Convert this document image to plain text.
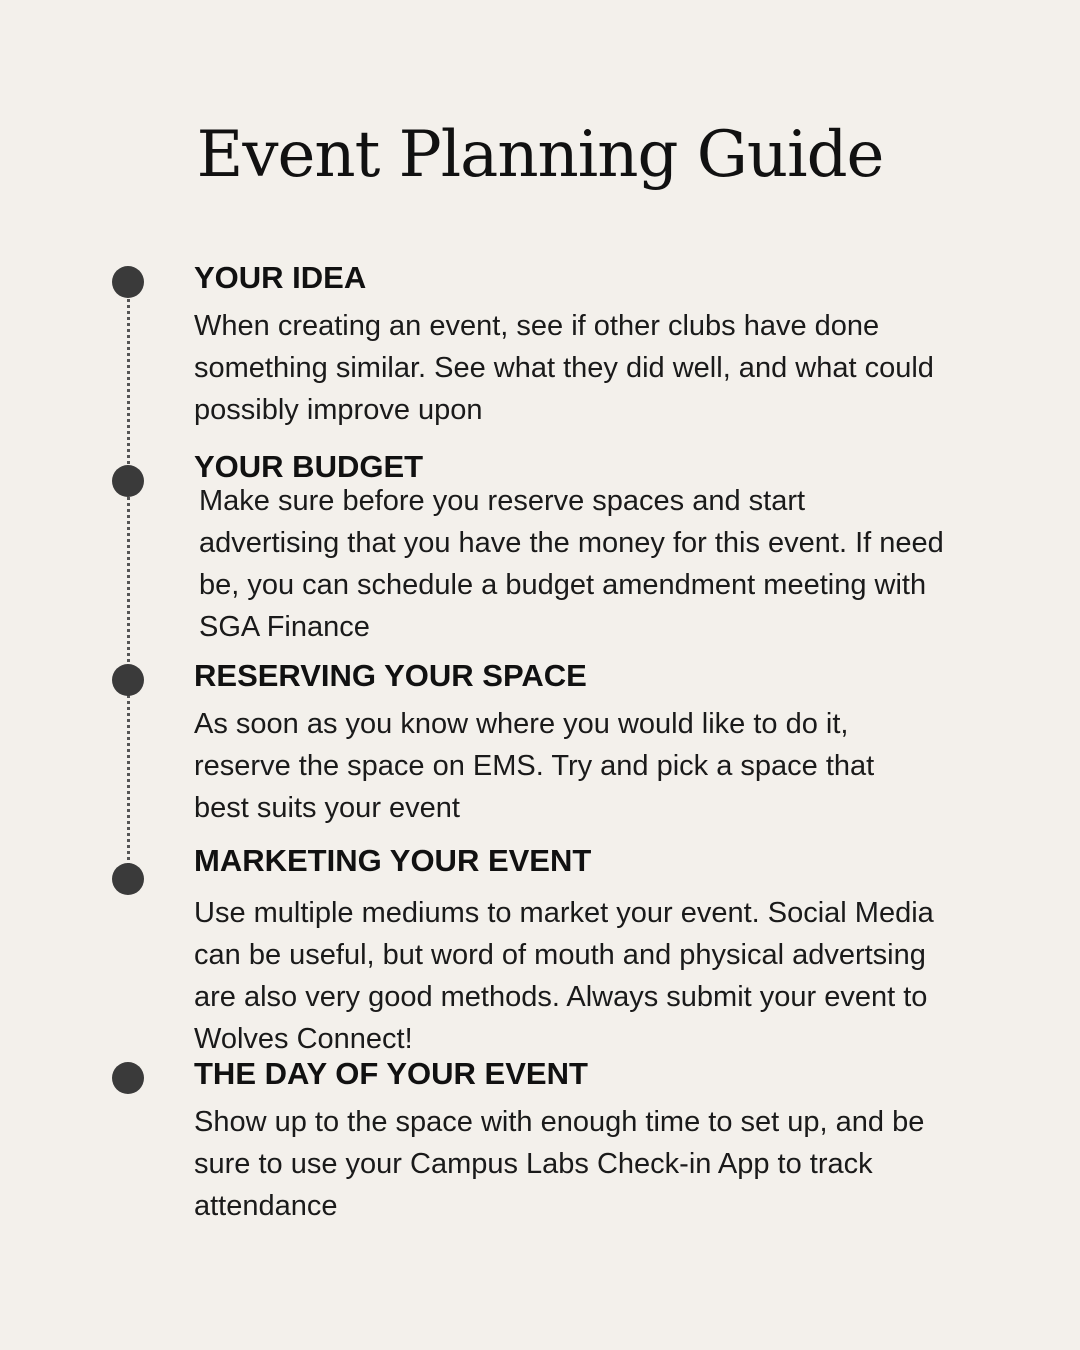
Event Planning Guide
YOUR IDEA

When creating an event, see if other clubs have done something similar. See what they did well, and what could possibly improve upon

YOUR BUDGET

Make sure before you reserve spaces and start advertising that you have the money for this event. If need be, you can schedule a budget amendment meeting with SGA Finance

RESERVING YOUR SPACE

As soon as you know where you would like to do it, reserve the space on EMS. Try and pick a space that best suits your event

MARKETING YOUR EVENT

Use multiple mediums to market your event. Social Media can be useful, but word of mouth and physical advertsing are also very good methods. Always submit your event to Wolves Connect!

THE DAY OF YOUR EVENT

Show up to the space with enough time to set up, and be sure to use your Campus Labs Check-in App to track attendance
